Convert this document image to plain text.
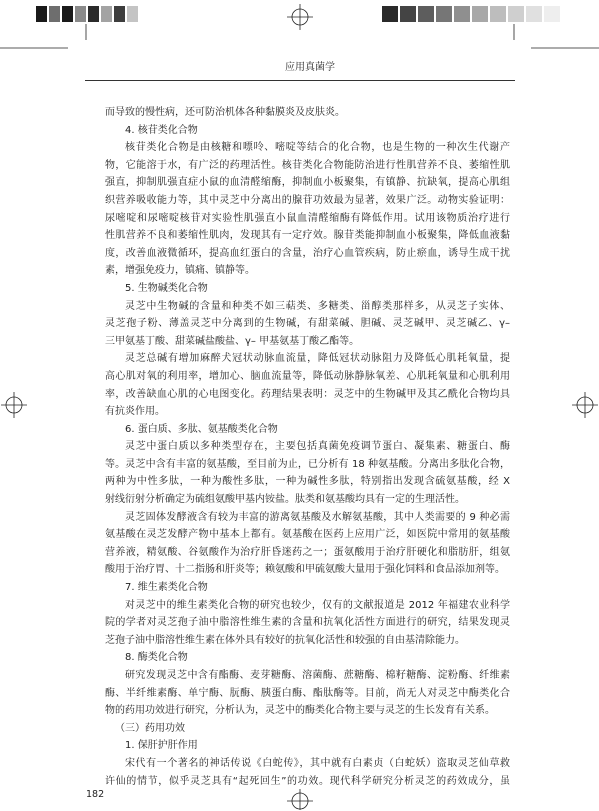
应用真菌学
而导致的慢性病，还可防治机体各种黏膜炎及皮肤炎。
4. 核苷类化合物
核苷类化合物是由核糖和嘌呤、嘧啶等结合的化合物，也是生物的一种次生代谢产
物，它能溶于水，有广泛的药理活性。核苷类化合物能防治进行性肌营养不良、萎缩性肌
强直，抑制肌强直症小鼠的血清醛缩酶，抑制血小板聚集，有镇静、抗缺氧，提高心肌组
织营养吸收能力等，其中灵芝中分离出的腺苷功效最为显著，效果广泛。动物实验证明：
尿嘧啶和尿嘧啶核苷对实验性肌强直小鼠血清醛缩酶有降低作用。试用该物质治疗进行
性肌营养不良和萎缩性肌肉，发现其有一定疗效。腺苷类能抑制血小板聚集，降低血液黏
度，改善血液微循环，提高血红蛋白的含量，治疗心血管疾病，防止瘀血，诱导生成干扰
素，增强免疫力，镇痛、镇静等。
5. 生物碱类化合物
灵芝中生物碱的含量和种类不如三萜类、多糖类、甾醇类那样多，从灵芝子实体、
灵芝孢子粉、薄盖灵芝中分离到的生物碱，有甜菜碱、胆碱、灵芝碱甲、灵芝碱乙、γ–
三甲氨基丁酸、甜菜碱盐酸盐、γ– 甲基氨基丁酸乙酯等。
灵芝总碱有增加麻醉犬冠状动脉血流量，降低冠状动脉阻力及降低心肌耗氧量，提
高心肌对氧的利用率，增加心、脑血流量等，降低动脉静脉氧差、心肌耗氧量和心肌利用
率，改善缺血心肌的心电图变化。药理结果表明：灵芝中的生物碱甲及其乙酰化合物均具
有抗炎作用。
6. 蛋白质、多肽、氨基酸类化合物
灵芝中蛋白质以多种类型存在，主要包括真菌免疫调节蛋白、凝集素、糖蛋白、酶
等。灵芝中含有丰富的氨基酸，至目前为止，已分析有 18 种氨基酸。分离出多肽化合物，
两种为中性多肽，一种为酸性多肽，一种为碱性多肽，特别指出发现含硫氨基酸，经 X
射线衍射分析确定为硫组氨酸甲基内铵盐。肽类和氨基酸均具有一定的生理活性。
灵芝固体发酵液含有较为丰富的游离氨基酸及水解氨基酸，其中人类需要的 9 种必需
氨基酸在灵芝发酵产物中基本上都有。氨基酸在医药上应用广泛，如医院中常用的氨基酸
营养液，精氨酸、谷氨酸作为治疗肝昏迷药之一；蛋氨酸用于治疗肝硬化和脂肪肝，组氨
酸用于治疗胃、十二指肠和肝炎等；赖氨酸和甲硫氨酸大量用于强化饲料和食品添加剂等。
7. 维生素类化合物
对灵芝中的维生素类化合物的研究也较少，仅有的文献报道是 2012 年福建农业科学
院的学者对灵芝孢子油中脂溶性维生素的含量和抗氧化活性方面进行的研究，结果发现灵
芝孢子油中脂溶性维生素在体外具有较好的抗氧化活性和较强的自由基清除能力。
8. 酶类化合物
研究发现灵芝中含有酯酶、麦芽糖酶、溶菌酶、蔗糖酶、棉籽糖酶、淀粉酶、纤维素
酶、半纤维素酶、单宁酶、朊酶、胰蛋白酶、酯肽酶等。目前，尚无人对灵芝中酶类化合
物的药用功效进行研究，分析认为，灵芝中的酶类化合物主要与灵芝的生长发育有关系。
（三）药用功效
1. 保肝护肝作用
宋代有一个著名的神话传说《白蛇传》，其中就有白素贞（白蛇妖）盗取灵芝仙草救
许仙的情节，似乎灵芝具有“起死回生”的功效。现代科学研究分析灵芝的药效成分，虽
182
